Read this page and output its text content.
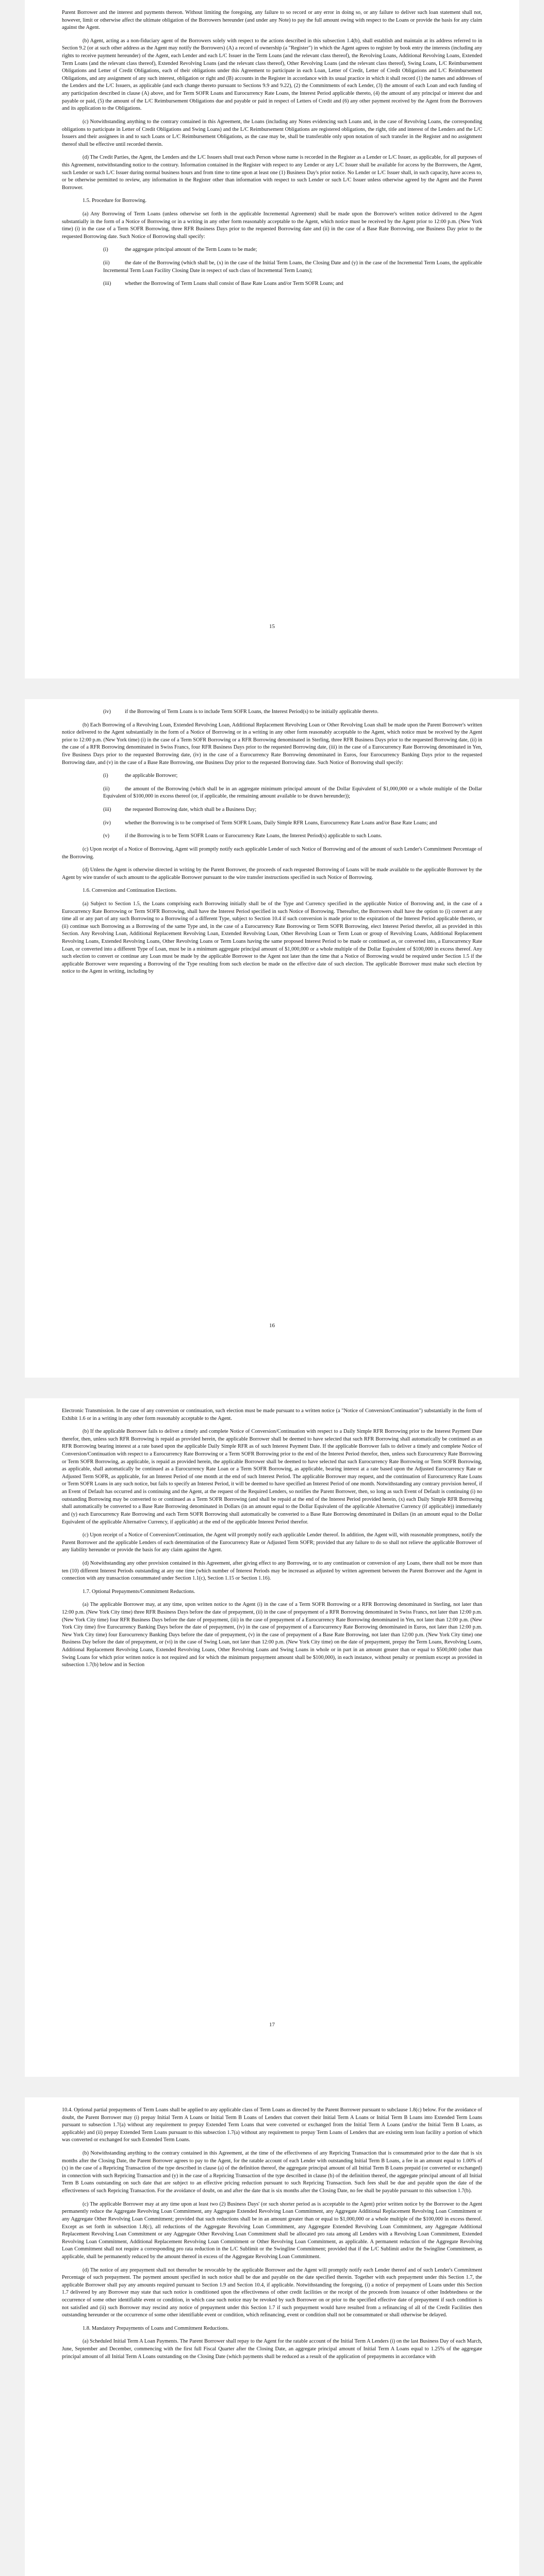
Parent Borrower and the interest and payments thereon. Without limiting the foregoing, any failure to so record or any error in doing so, or any failure to deliver such loan statement shall not, however, limit or otherwise affect the ultimate obligation of the Borrowers hereunder (and under any Note) to pay the full amount owing with respect to the Loans or provide the basis for any claim against the Agent.

(b) Agent, acting as a non-fiduciary agent of the Borrowers solely with respect to the actions described in this subsection 1.4(b), shall establish and maintain at its address referred to in Section 9.2 (or at such other address as the Agent may notify the Borrowers) (A) a record of ownership (a "Register") in which the Agent agrees to register by book entry the interests (including any rights to receive payment hereunder) of the Agent, each Lender and each L/C Issuer in the Term Loans (and the relevant class thereof), the Revolving Loans, Additional Revolving Loans, Extended Term Loans (and the relevant class thereof), Extended Revolving Loans (and the relevant class thereof), Other Revolving Loans (and the relevant class thereof), Swing Loans, L/C Reimbursement Obligations and Letter of Credit Obligations, each of their obligations under this Agreement to participate in each Loan, Letter of Credit, Letter of Credit Obligations and L/C Reimbursement Obligations, and any assignment of any such interest, obligation or right and (B) accounts in the Register in accordance with its usual practice in which it shall record (1) the names and addresses of the Lenders and the L/C Issuers, as applicable (and each change thereto pursuant to Sections 9.9 and 9.22), (2) the Commitments of each Lender, (3) the amount of each Loan and each funding of any participation described in clause (A) above, and for Term SOFR Loans and Eurocurrency Rate Loans, the Interest Period applicable thereto, (4) the amount of any principal or interest due and payable or paid, (5) the amount of the L/C Reimbursement Obligations due and payable or paid in respect of Letters of Credit and (6) any other payment received by the Agent from the Borrowers and its application to the Obligations.

(c) Notwithstanding anything to the contrary contained in this Agreement, the Loans (including any Notes evidencing such Loans and, in the case of Revolving Loans, the corresponding obligations to participate in Letter of Credit Obligations and Swing Loans) and the L/C Reimbursement Obligations are registered obligations, the right, title and interest of the Lenders and the L/C Issuers and their assignees in and to such Loans or L/C Reimbursement Obligations, as the case may be, shall be transferable only upon notation of such transfer in the Register and no assignment thereof shall be effective until recorded therein.

(d) The Credit Parties, the Agent, the Lenders and the L/C Issuers shall treat each Person whose name is recorded in the Register as a Lender or L/C Issuer, as applicable, for all purposes of this Agreement, notwithstanding notice to the contrary. Information contained in the Register with respect to any Lender or any L/C Issuer shall be available for access by the Borrowers, the Agent, such Lender or such L/C Issuer during normal business hours and from time to time upon at least one (1) Business Day's prior notice. No Lender or L/C Issuer shall, in such capacity, have access to, or be otherwise permitted to review, any information in the Register other than information with respect to such Lender or such L/C Issuer unless otherwise agreed by the Agent and the Parent Borrower.

1.5. Procedure for Borrowing.

(a) Any Borrowing of Term Loans (unless otherwise set forth in the applicable Incremental Agreement) shall be made upon the Borrower's written notice delivered to the Agent substantially in the form of a Notice of Borrowing or in a writing in any other form reasonably acceptable to the Agent, which notice must be received by the Agent prior to 12:00 p.m. (New York time) (i) in the case of a Term SOFR Borrowing, three RFR Business Days prior to the requested Borrowing date and (ii) in the case of a Base Rate Borrowing, one Business Day prior to the requested Borrowing date. Such Notice of Borrowing shall specify:

(i)	the aggregate principal amount of the Term Loans to be made;

(ii)	the date of the Borrowing (which shall be, (x) in the case of the Initial Term Loans, the Closing Date and (y) in the case of the Incremental Term Loans, the applicable Incremental Term Loan Facility Closing Date in respect of such class of Incremental Term Loans);

(iii)	whether the Borrowing of Term Loans shall consist of Base Rate Loans and/or Term SOFR Loans; and

15

(iv)	if the Borrowing of Term Loans is to include Term SOFR Loans, the Interest Period(s) to be initially applicable thereto.

(b) Each Borrowing of a Revolving Loan, Extended Revolving Loan, Additional Replacement Revolving Loan or Other Revolving Loan shall be made upon the Parent Borrower's written notice delivered to the Agent substantially in the form of a Notice of Borrowing or in a writing in any other form reasonably acceptable to the Agent, which notice must be received by the Agent prior to 12:00 p.m. (New York time) (i) in the case of a Term SOFR Borrowing or a RFR Borrowing denominated in Sterling, three RFR Business Days prior to the requested Borrowing date, (ii) in the case of a RFR Borrowing denominated in Swiss Francs, four RFR Business Days prior to the requested Borrowing date, (iii) in the case of a Eurocurrency Rate Borrowing denominated in Yen, five Business Days prior to the requested Borrowing date, (iv) in the case of a Eurocurrency Rate Borrowing denominated in Euros, four Eurocurrency Banking Days prior to the requested Borrowing date, and (v) in the case of a Base Rate Borrowing, one Business Day prior to the requested Borrowing date. Such Notice of Borrowing shall specify:

(i)	the applicable Borrower;

(ii)	the amount of the Borrowing (which shall be in an aggregate minimum principal amount of the Dollar Equivalent of $1,000,000 or a whole multiple of the Dollar Equivalent of $100,000 in excess thereof (or, if applicable, the remaining amount available to be drawn hereunder));

(iii)	the requested Borrowing date, which shall be a Business Day;

(iv)	whether the Borrowing is to be comprised of Term SOFR Loans, Daily Simple RFR Loans, Eurocurrency Rate Loans and/or Base Rate Loans; and

(v)	if the Borrowing is to be Term SOFR Loans or Eurocurrency Rate Loans, the Interest Period(s) applicable to such Loans.

(c) Upon receipt of a Notice of Borrowing, Agent will promptly notify each applicable Lender of such Notice of Borrowing and of the amount of such Lender's Commitment Percentage of the Borrowing.

(d) Unless the Agent is otherwise directed in writing by the Parent Borrower, the proceeds of each requested Borrowing of Loans will be made available to the applicable Borrower by the Agent by wire transfer of such amount to the applicable Borrower pursuant to the wire transfer instructions specified in such Notice of Borrowing.

1.6. Conversion and Continuation Elections.

(a) Subject to Section 1.5, the Loans comprising each Borrowing initially shall be of the Type and Currency specified in the applicable Notice of Borrowing and, in the case of a Eurocurrency Rate Borrowing or Term SOFR Borrowing, shall have the Interest Period specified in such Notice of Borrowing. Thereafter, the Borrowers shall have the option to (i) convert at any time all or any part of any such Borrowing to a Borrowing of a different Type, subject to Section 10.4 if such conversion is made prior to the expiration of the Interest Period applicable thereto, or (ii) continue such Borrowing as a Borrowing of the same Type and, in the case of a Eurocurrency Rate Borrowing or Term SOFR Borrowing, elect Interest Period therefor, all as provided in this Section. Any Revolving Loan, Additional Replacement Revolving Loan, Extended Revolving Loan, Other Revolving Loan or Term Loan or group of Revolving Loans, Additional Replacement Revolving Loans, Extended Revolving Loans, Other Revolving Loans or Term Loans having the same proposed Interest Period to be made or continued as, or converted into, a Eurocurrency Rate Loan, or converted into a different Type of Loan, must be in a minimum aggregate principal amount of $1,000,000 or a whole multiple of the Dollar Equivalent of $100,000 in excess thereof. Any such election to convert or continue any Loan must be made by the applicable Borrower to the Agent not later than the time that a Notice of Borrowing would be required under Section 1.5 if the applicable Borrower were requesting a Borrowing of the Type resulting from such election be made on the effective date of such election. The applicable Borrower must make such election by notice to the Agent in writing, including by

16

Electronic Transmission. In the case of any conversion or continuation, such election must be made pursuant to a written notice (a "Notice of Conversion/Continuation") substantially in the form of Exhibit 1.6 or in a writing in any other form reasonably acceptable to the Agent.

(b) If the applicable Borrower fails to deliver a timely and complete Notice of Conversion/Continuation with respect to a Daily Simple RFR Borrowing prior to the Interest Payment Date therefor, then, unless such RFR Borrowing is repaid as provided herein, the applicable Borrower shall be deemed to have selected that such RFR Borrowing shall automatically be continued as an RFR Borrowing bearing interest at a rate based upon the applicable Daily Simple RFR as of such Interest Payment Date. If the applicable Borrower fails to deliver a timely and complete Notice of Conversion/Continuation with respect to a Eurocurrency Rate Borrowing or a Term SOFR Borrowing prior to the end of the Interest Period therefor, then, unless such Eurocurrency Rate Borrowing or Term SOFR Borrowing, as applicable, is repaid as provided herein, the applicable Borrower shall be deemed to have selected that such Eurocurrency Rate Borrowing or Term SOFR Borrowing, as applicable, shall automatically be continued as a Eurocurrency Rate Loan or a Term SOFR Borrowing, as applicable, bearing interest at a rate based upon the Adjusted Eurocurrency Rate or Adjusted Term SOFR, as applicable, for an Interest Period of one month at the end of such Interest Period. The applicable Borrower may request, and the continuation of Eurocurrency Rate Loans or Term SOFR Loans in any such notice, but fails to specify an Interest Period, it will be deemed to have specified an Interest Period of one month. Notwithstanding any contrary provision hereof, if an Event of Default has occurred and is continuing and the Agent, at the request of the Required Lenders, so notifies the Parent Borrower, then, so long as such Event of Default is continuing (i) no outstanding Borrowing may be converted to or continued as a Term SOFR Borrowing (and shall be repaid at the end of the Interest Period provided herein, (x) each Daily Simple RFR Borrowing shall automatically be converted to a Base Rate Borrowing denominated in Dollars (in an amount equal to the Dollar Equivalent of the applicable Alternative Currency (if applicable)) immediately and (y) each Eurocurrency Rate Borrowing and each Term SOFR Borrowing shall automatically be converted to a Base Rate Borrowing denominated in Dollars (in an amount equal to the Dollar Equivalent of the applicable Alternative Currency, if applicable) at the end of the applicable Interest Period therefor.

(c) Upon receipt of a Notice of Conversion/Continuation, the Agent will promptly notify each applicable Lender thereof. In addition, the Agent will, with reasonable promptness, notify the Parent Borrower and the applicable Lenders of each determination of the Eurocurrency Rate or Adjusted Term SOFR; provided that any failure to do so shall not relieve the applicable Borrower of any liability hereunder or provide the basis for any claim against the Agent.

(d) Notwithstanding any other provision contained in this Agreement, after giving effect to any Borrowing, or to any continuation or conversion of any Loans, there shall not be more than ten (10) different Interest Periods outstanding at any one time (which number of Interest Periods may be increased as adjusted by written agreement between the Parent Borrower and the Agent in connection with any transaction consummated under Section 1.1(c), Section 1.15 or Section 1.16).

1.7. Optional Prepayments/Commitment Reductions.

(a) The applicable Borrower may, at any time, upon written notice to the Agent (i) in the case of a Term SOFR Borrowing or a RFR Borrowing denominated in Sterling, not later than 12:00 p.m. (New York City time) three RFR Business Days before the date of prepayment, (ii) in the case of prepayment of a RFR Borrowing denominated in Swiss Francs, not later than 12:00 p.m. (New York City time) four RFR Business Days before the date of prepayment, (iii) in the case of prepayment of a Eurocurrency Rate Borrowing denominated in Yen, not later than 12:00 p.m. (New York City time) five Eurocurrency Banking Days before the date of prepayment, (iv) in the case of prepayment of a Eurocurrency Rate Borrowing denominated in Euros, not later than 12:00 p.m. New York City time) four Eurocurrency Banking Days before the date of prepayment, (v) in the case of prepayment of a Base Rate Borrowing, not later than 12:00 p.m. (New York City time) one Business Day before the date of prepayment, or (vi) in the case of Swing Loan, not later than 12:00 p.m. (New York City time) on the date of prepayment, prepay the Term Loans, Revolving Loans, Additional Replacement Revolving Loans, Extended Revolving Loans, Other Revolving Loans and Swing Loans in whole or in part in an amount greater than or equal to $500,000 (other than Swing Loans for which prior written notice is not required and for which the minimum prepayment amount shall be $100,000), in each instance, without penalty or premium except as provided in subsection 1.7(b) below and in Section

17

10.4. Optional partial prepayments of Term Loans shall be applied to any applicable class of Term Loans as directed by the Parent Borrower pursuant to subclause 1.8(c) below. For the avoidance of doubt, the Parent Borrower may (i) prepay Initial Term A Loans or Initial Term B Loans of Lenders that convert their Initial Term A Loans or Initial Term B Loans into Extended Term Loans pursuant to subsection 1.7(a) without any requirement to prepay Extended Term Loans that were converted or exchanged from the Initial Term A Loans (and/or the Initial Term B Loans, as applicable) and (ii) prepay Extended Term Loans pursuant to this subsection 1.7(a) without any requirement to prepay Term Loans of Lenders that are existing term loan facility a portion of which was converted or exchanged for such Extended Term Loans.

(b) Notwithstanding anything to the contrary contained in this Agreement, at the time of the effectiveness of any Repricing Transaction that is consummated prior to the date that is six months after the Closing Date, the Parent Borrower agrees to pay to the Agent, for the ratable account of each Lender with outstanding Initial Term B Loans, a fee in an amount equal to 1.00% of (x) in the case of a Repricing Transaction of the type described in clause (a) of the definition thereof, the aggregate principal amount of all Initial Term B Loans prepaid (or converted or exchanged) in connection with such Repricing Transaction and (y) in the case of a Repricing Transaction of the type described in clause (b) of the definition thereof, the aggregate principal amount of all Initial Term B Loans outstanding on such date that are subject to an effective pricing reduction pursuant to such Repricing Transaction. Such fees shall be due and payable upon the date of the effectiveness of such Repricing Transaction. For the avoidance of doubt, on and after the date that is six months after the Closing Date, no fee shall be payable pursuant to this subsection 1.7(b).

(c) The applicable Borrower may at any time upon at least two (2) Business Days' (or such shorter period as is acceptable to the Agent) prior written notice by the Borrower to the Agent permanently reduce the Aggregate Revolving Loan Commitment, any Aggregate Extended Revolving Loan Commitment, any Aggregate Additional Replacement Revolving Loan Commitment or any Aggregate Other Revolving Loan Commitment; provided that such reductions shall be in an amount greater than or equal to $1,000,000 or a whole multiple of the $100,000 in excess thereof. Except as set forth in subsection 1.8(c), all reductions of the Aggregate Revolving Loan Commitment, any Aggregate Extended Revolving Loan Commitment, any Aggregate Additional Replacement Revolving Loan Commitment or any Aggregate Other Revolving Loan Commitment shall be allocated pro rata among all Lenders with a Revolving Loan Commitment, Extended Revolving Loan Commitment, Additional Replacement Revolving Loan Commitment or Other Revolving Loan Commitment, as applicable. A permanent reduction of the Aggregate Revolving Loan Commitment shall not require a corresponding pro rata reduction in the L/C Sublimit or the Swingline Commitment; provided that if the L/C Sublimit and/or the Swingline Commitment, as applicable, shall be permanently reduced by the amount thereof in excess of the Aggregate Revolving Loan Commitment.

(d) The notice of any prepayment shall not thereafter be revocable by the applicable Borrower and the Agent will promptly notify each Lender thereof and of such Lender's Commitment Percentage of such prepayment. The payment amount specified in such notice shall be due and payable on the date specified therein. Together with each prepayment under this Section 1.7, the applicable Borrower shall pay any amounts required pursuant to Section 1.9 and Section 10.4, if applicable. Notwithstanding the foregoing, (i) a notice of prepayment of Loans under this Section 1.7 delivered by any Borrower may state that such notice is conditioned upon the effectiveness of other credit facilities or the receipt of the proceeds from issuance of other Indebtedness or the occurrence of some other identifiable event or condition, in which case such notice may be revoked by such Borrower on or prior to the specified effective date of prepayment if such condition is not satisfied and (ii) such Borrower may rescind any notice of prepayment under this Section 1.7 if such prepayment would have resulted from a refinancing of all of the Credit Facilities then outstanding hereunder or the occurrence of some other identifiable event or condition, which refinancing, event or condition shall not be consummated or shall otherwise be delayed.

1.8. Mandatory Prepayments of Loans and Commitment Reductions.

(a) Scheduled Initial Term A Loan Payments. The Parent Borrower shall repay to the Agent for the ratable account of the Initial Term A Lenders (i) on the last Business Day of each March, June, September and December, commencing with the first full Fiscal Quarter after the Closing Date, an aggregate principal amount of Initial Term A Loans equal to 1.25% of the aggregate principal amount of all Initial Term A Loans outstanding on the Closing Date (which payments shall be reduced as a result of the application of prepayments in accordance with
